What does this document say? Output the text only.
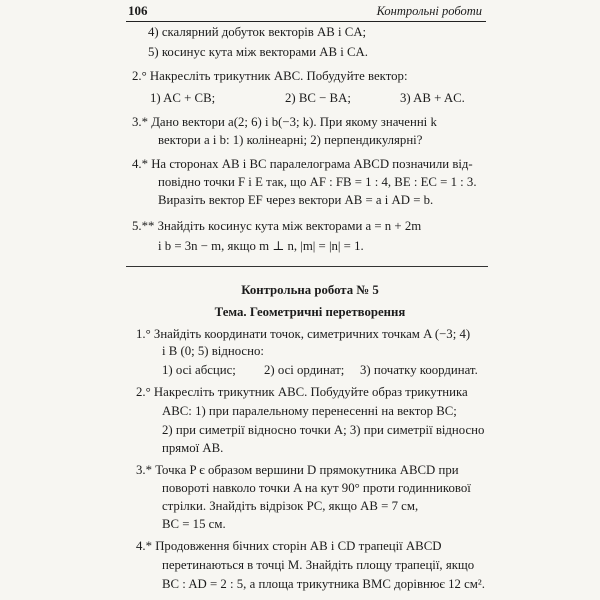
106	Контрольні роботи
4) скалярний добуток векторів AB і CA;
5) косинус кута між векторами AB і CA.
2.° Накресліть трикутник ABC. Побудуйте вектор:
1) AC + CB;	2) BC − BA;	3) AB + AC.
3.* Дано вектори a(2; 6) і b(−3; k). При якому значенні k
вектори a і b: 1) колінеарні; 2) перпендикулярні?
4.* На сторонах AB і BC паралелограма ABCD позначили від-
повідно точки F і E так, що AF : FB = 1 : 4, BE : EC = 1 : 3.
Виразіть вектор EF через вектори AB = a і AD = b.
5.** Знайдіть косинус кута між векторами a = n + 2m
і b = 3n − m, якщо m ⊥ n, |m| = |n| = 1.
Контрольна робота № 5
Тема. Геометричні перетворення
1.° Знайдіть координати точок, симетричних точкам A (−3; 4)
і B (0; 5) відносно:
1) осі абсцис; 2) осі ординат; 3) початку координат.
2.° Накресліть трикутник ABC. Побудуйте образ трикутника
ABC: 1) при паралельному перенесенні на вектор BC;
2) при симетрії відносно точки A; 3) при симетрії відносно
прямої AB.
3.* Точка P є образом вершини D прямокутника ABCD при
повороті навколо точки A на кут 90° проти годинникової
стрілки. Знайдіть відрізок PC, якщо AB = 7 см,
BC = 15 см.
4.* Продовження бічних сторін AB і CD трапеції ABCD
перетинаються в точці M. Знайдіть площу трапеції, якщо
BC : AD = 2 : 5, а площа трикутника BMC дорівнює 12 см².
